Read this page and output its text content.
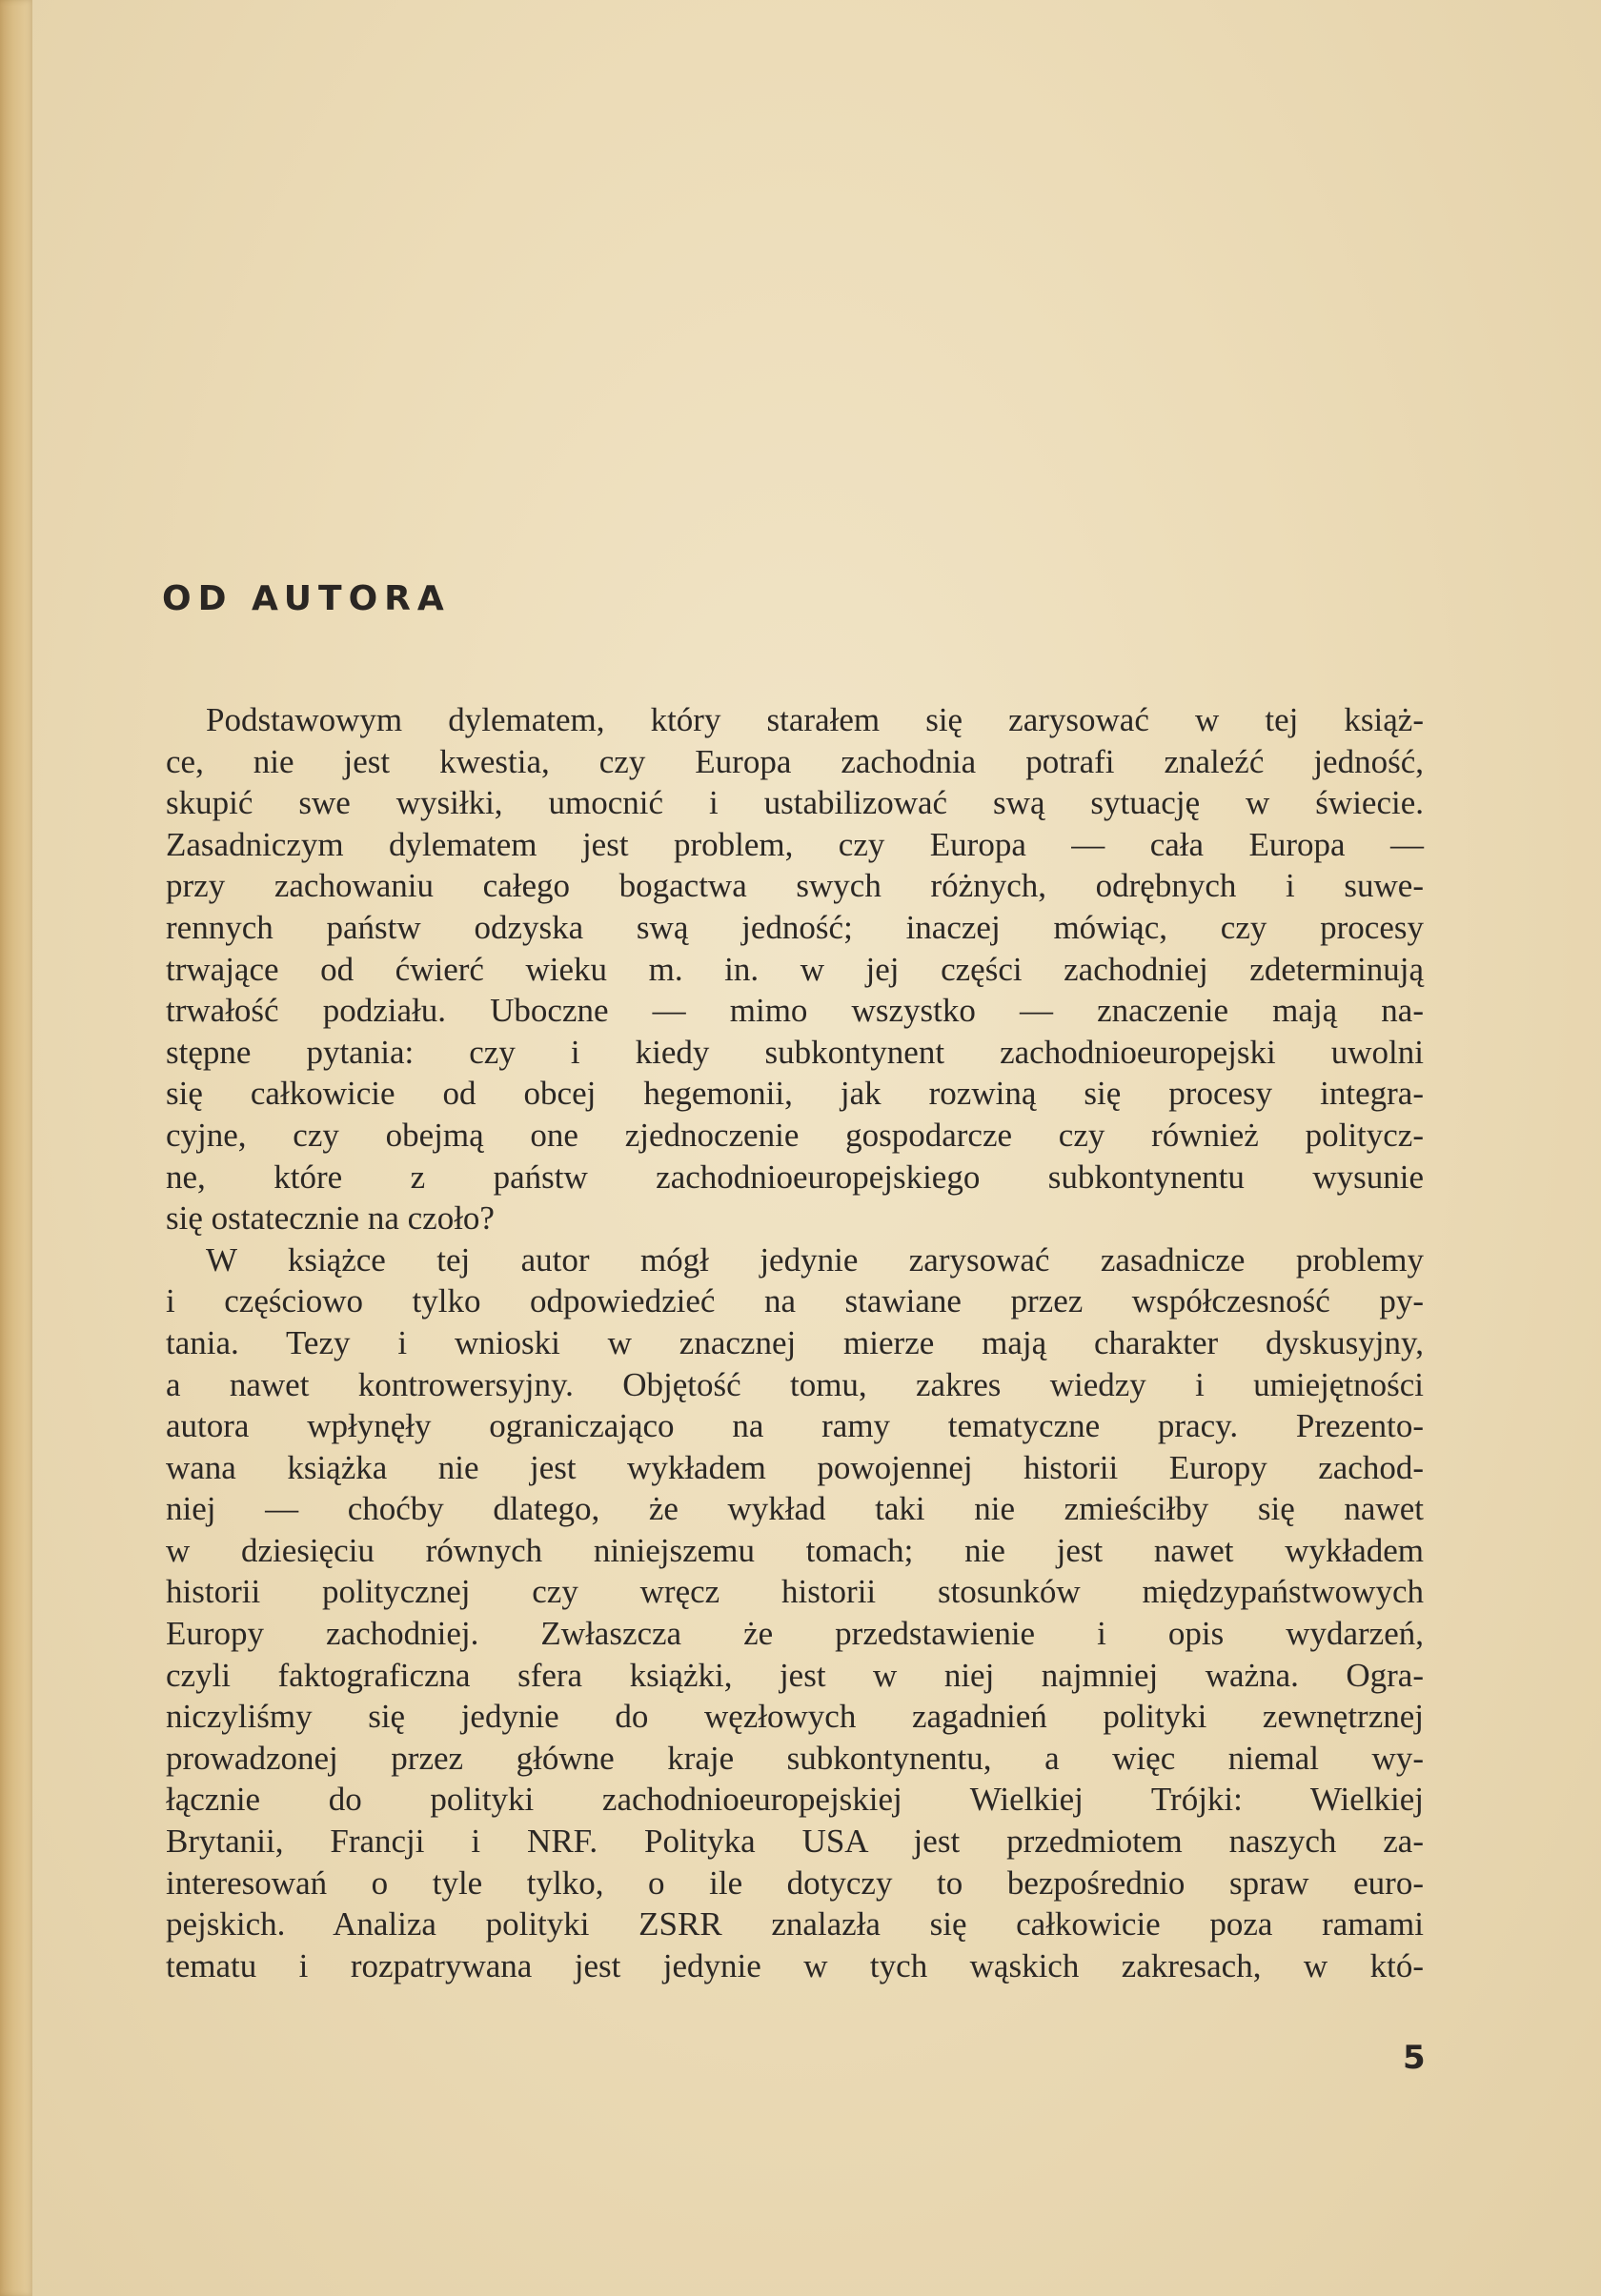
OD AUTORA
Podstawowym dylematem, który starałem się zarysować w tej książ-
ce, nie jest kwestia, czy Europa zachodnia potrafi znaleźć jedność,
skupić swe wysiłki, umocnić i ustabilizować swą sytuację w świecie.
Zasadniczym dylematem jest problem, czy Europa — cała Europa —
przy zachowaniu całego bogactwa swych różnych, odrębnych i suwe-
rennych państw odzyska swą jedność; inaczej mówiąc, czy procesy
trwające od ćwierć wieku m. in. w jej części zachodniej zdeterminują
trwałość podziału. Uboczne — mimo wszystko — znaczenie mają na-
stępne pytania: czy i kiedy subkontynent zachodnioeuropejski uwolni
się całkowicie od obcej hegemonii, jak rozwiną się procesy integra-
cyjne, czy obejmą one zjednoczenie gospodarcze czy również politycz-
ne, które z państw zachodnioeuropejskiego subkontynentu wysunie
się ostatecznie na czoło?
W książce tej autor mógł jedynie zarysować zasadnicze problemy
i częściowo tylko odpowiedzieć na stawiane przez współczesność py-
tania. Tezy i wnioski w znacznej mierze mają charakter dyskusyjny,
a nawet kontrowersyjny. Objętość tomu, zakres wiedzy i umiejętności
autora wpłynęły ograniczająco na ramy tematyczne pracy. Prezento-
wana książka nie jest wykładem powojennej historii Europy zachod-
niej — choćby dlatego, że wykład taki nie zmieściłby się nawet
w dziesięciu równych niniejszemu tomach; nie jest nawet wykładem
historii politycznej czy wręcz historii stosunków międzypaństwowych
Europy zachodniej. Zwłaszcza że przedstawienie i opis wydarzeń,
czyli faktograficzna sfera książki, jest w niej najmniej ważna. Ogra-
niczyliśmy się jedynie do węzłowych zagadnień polityki zewnętrznej
prowadzonej przez główne kraje subkontynentu, a więc niemal wy-
łącznie do polityki zachodnioeuropejskiej Wielkiej Trójki: Wielkiej
Brytanii, Francji i NRF. Polityka USA jest przedmiotem naszych za-
interesowań o tyle tylko, o ile dotyczy to bezpośrednio spraw euro-
pejskich. Analiza polityki ZSRR znalazła się całkowicie poza ramami
tematu i rozpatrywana jest jedynie w tych wąskich zakresach, w któ-
5
